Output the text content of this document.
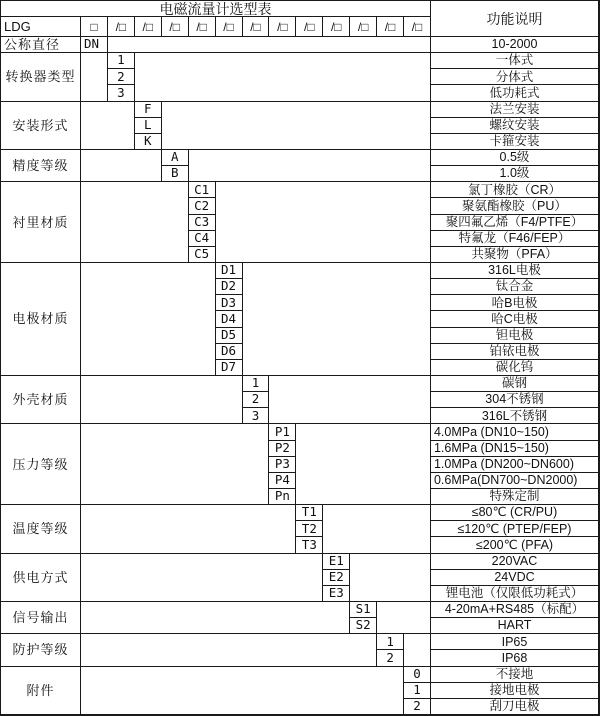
电磁流量计选型表
功能说明
LDG	□	/□	/□	/□	/□	/□	/□	/□	/□	/□	/□	/□	/□
公称直径	DN	10-2000
转换器类型
1	一体式
2	分体式
3	低功耗式
安装形式
F	法兰安装
L	螺纹安装
K	卡箍安装
精度等级
A	0.5级
B	1.0级
衬里材质
C1	氯丁橡胶（CR）
C2	聚氨酯橡胶（PU）
C3	聚四氟乙烯（F4/PTFE）
C4	特氟龙（F46/FEP）
C5	共聚物（PFA）
电极材质
D1	316L电极
D2	钛合金
D3	哈B电极
D4	哈C电极
D5	钽电极
D6	铂铱电极
D7	碳化钨
外壳材质
1	碳钢
2	304不锈钢
3	316L不锈钢
压力等级
P1	4.0MPa (DN10~150)
P2	1.6MPa (DN15~150)
P3	1.0MPa (DN200~DN600)
P4	0.6MPa(DN700~DN2000)
Pn	特殊定制
温度等级
T1	≤80℃ (CR/PU)
T2	≤120℃ (PTEP/FEP)
T3	≤200℃ (PFA)
供电方式
E1	220VAC
E2	24VDC
E3	锂电池（仅限低功耗式）
信号输出
S1	4-20mA+RS485（标配）
S2	HART
防护等级
1	IP65
2	IP68
附件
0	不接地
1	接地电极
2	刮刀电极
